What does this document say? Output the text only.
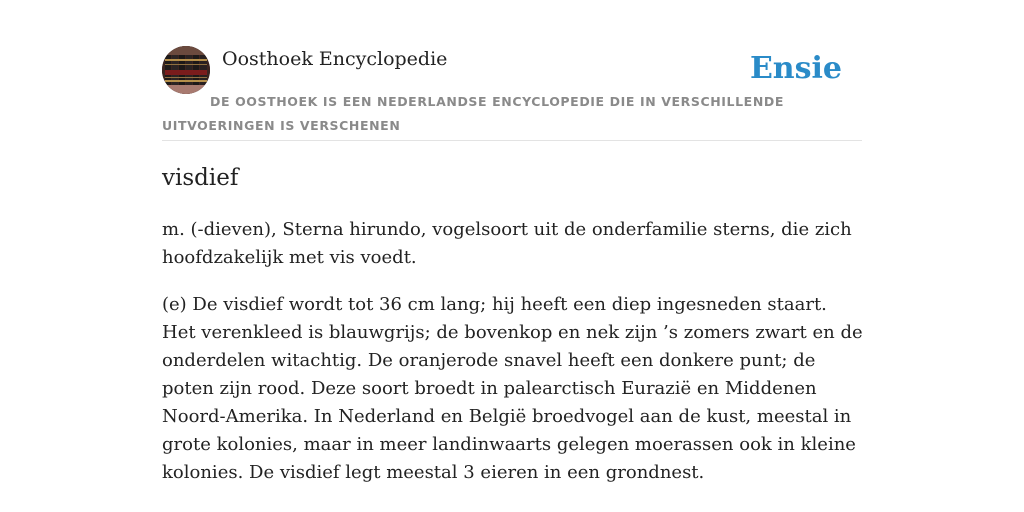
Oosthoek Encyclopedie	Ensie
DE OOSTHOEK IS EEN NEDERLANDSE ENCYCLOPEDIE DIE IN VERSCHILLENDE UITVOERINGEN IS VERSCHENEN
visdief

m. (-dieven), Sterna hirundo, vogelsoort uit de onderfamilie sterns, die zich hoofdzakelijk met vis voedt.

(e) De visdief wordt tot 36 cm lang; hij heeft een diep ingesneden staart. Het verenkleed is blauwgrijs; de bovenkop en nek zijn ’s zomers zwart en de onderdelen witachtig. De oranjerode snavel heeft een donkere punt; de poten zijn rood. Deze soort broedt in palearctisch Eurazië en Middenen Noord-Amerika. In Nederland en België broedvogel aan de kust, meestal in grote kolonies, maar in meer landinwaarts gelegen moerassen ook in kleine kolonies. De visdief legt meestal 3 eieren in een grondnest.
